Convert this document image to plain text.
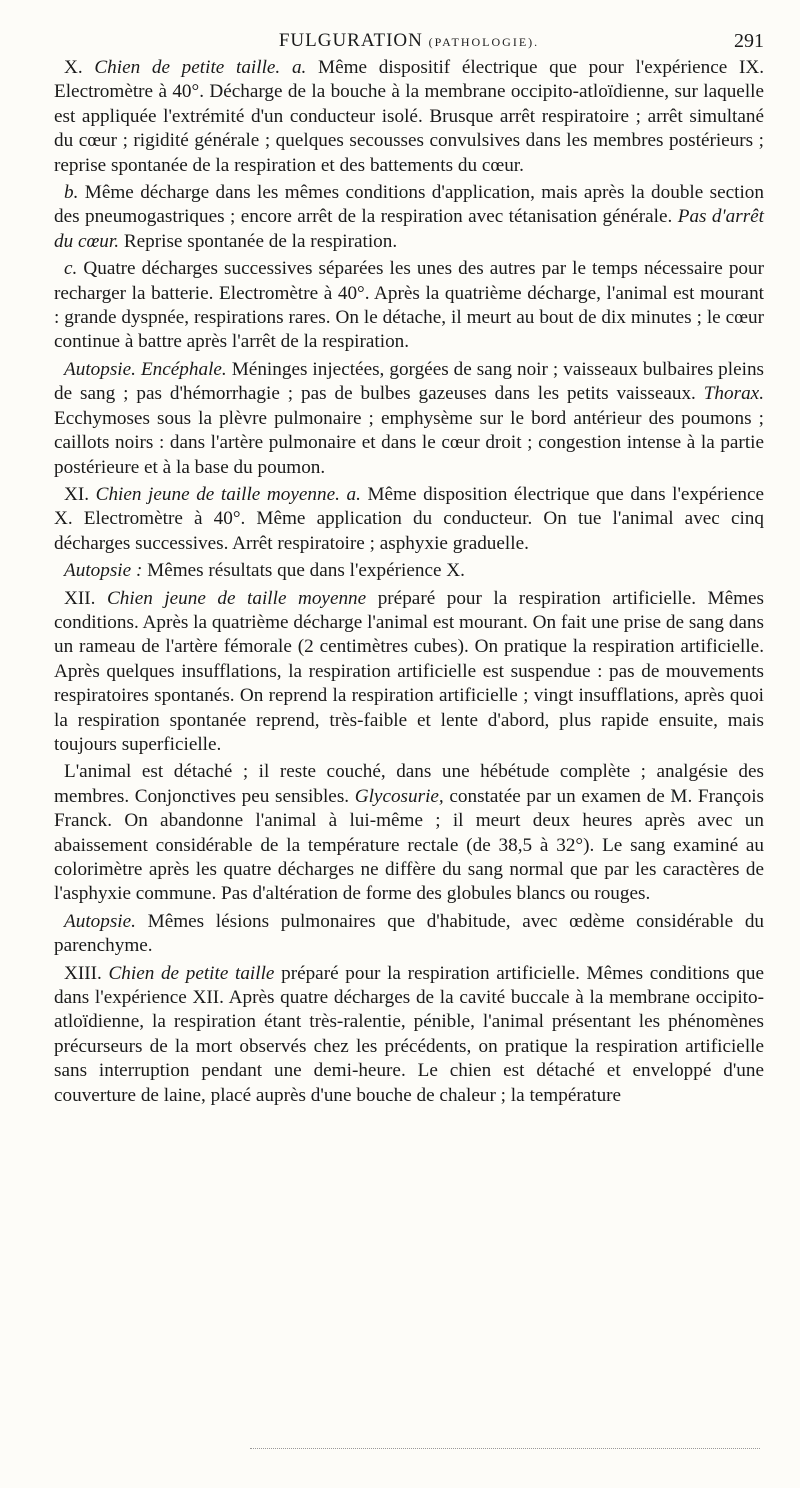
FULGURATION (PATHOLOGIE).	291

X. Chien de petite taille. a. Même dispositif électrique que pour l'expérience IX. Electromètre à 40°. Décharge de la bouche à la membrane occipito-atloïdienne, sur laquelle est appliquée l'extrémité d'un conducteur isolé. Brusque arrêt respiratoire ; arrêt simultané du cœur ; rigidité générale ; quelques secousses convulsives dans les membres postérieurs ; reprise spontanée de la respiration et des battements du cœur.

b. Même décharge dans les mêmes conditions d'application, mais après la double section des pneumogastriques ; encore arrêt de la respiration avec tétanisation générale. Pas d'arrêt du cœur. Reprise spontanée de la respiration.

c. Quatre décharges successives séparées les unes des autres par le temps nécessaire pour recharger la batterie. Electromètre à 40°. Après la quatrième décharge, l'animal est mourant : grande dyspnée, respirations rares. On le détache, il meurt au bout de dix minutes ; le cœur continue à battre après l'arrêt de la respiration.

Autopsie. Encéphale. Méninges injectées, gorgées de sang noir ; vaisseaux bulbaires pleins de sang ; pas d'hémorrhagie ; pas de bulbes gazeuses dans les petits vaisseaux. Thorax. Ecchymoses sous la plèvre pulmonaire ; emphysème sur le bord antérieur des poumons ; caillots noirs : dans l'artère pulmonaire et dans le cœur droit ; congestion intense à la partie postérieure et à la base du poumon.

XI. Chien jeune de taille moyenne. a. Même disposition électrique que dans l'expérience X. Electromètre à 40°. Même application du conducteur. On tue l'animal avec cinq décharges successives. Arrêt respiratoire ; asphyxie graduelle.

Autopsie : Mêmes résultats que dans l'expérience X.

XII. Chien jeune de taille moyenne préparé pour la respiration artificielle. Mêmes conditions. Après la quatrième décharge l'animal est mourant. On fait une prise de sang dans un rameau de l'artère fémorale (2 centimètres cubes). On pratique la respiration artificielle. Après quelques insufflations, la respiration artificielle est suspendue : pas de mouvements respiratoires spontanés. On reprend la respiration artificielle ; vingt insufflations, après quoi la respiration spontanée reprend, très-faible et lente d'abord, plus rapide ensuite, mais toujours superficielle.

L'animal est détaché ; il reste couché, dans une hébétude complète ; analgésie des membres. Conjonctives peu sensibles. Glycosurie, constatée par un examen de M. François Franck. On abandonne l'animal à lui-même ; il meurt deux heures après avec un abaissement considérable de la température rectale (de 38,5 à 32°). Le sang examiné au colorimètre après les quatre décharges ne diffère du sang normal que par les caractères de l'asphyxie commune. Pas d'altération de forme des globules blancs ou rouges.

Autopsie. Mêmes lésions pulmonaires que d'habitude, avec œdème considérable du parenchyme.

XIII. Chien de petite taille préparé pour la respiration artificielle. Mêmes conditions que dans l'expérience XII. Après quatre décharges de la cavité buccale à la membrane occipito-atloïdienne, la respiration étant très-ralentie, pénible, l'animal présentant les phénomènes précurseurs de la mort observés chez les précédents, on pratique la respiration artificielle sans interruption pendant une demi-heure. Le chien est détaché et enveloppé d'une couverture de laine, placé auprès d'une bouche de chaleur ; la température
